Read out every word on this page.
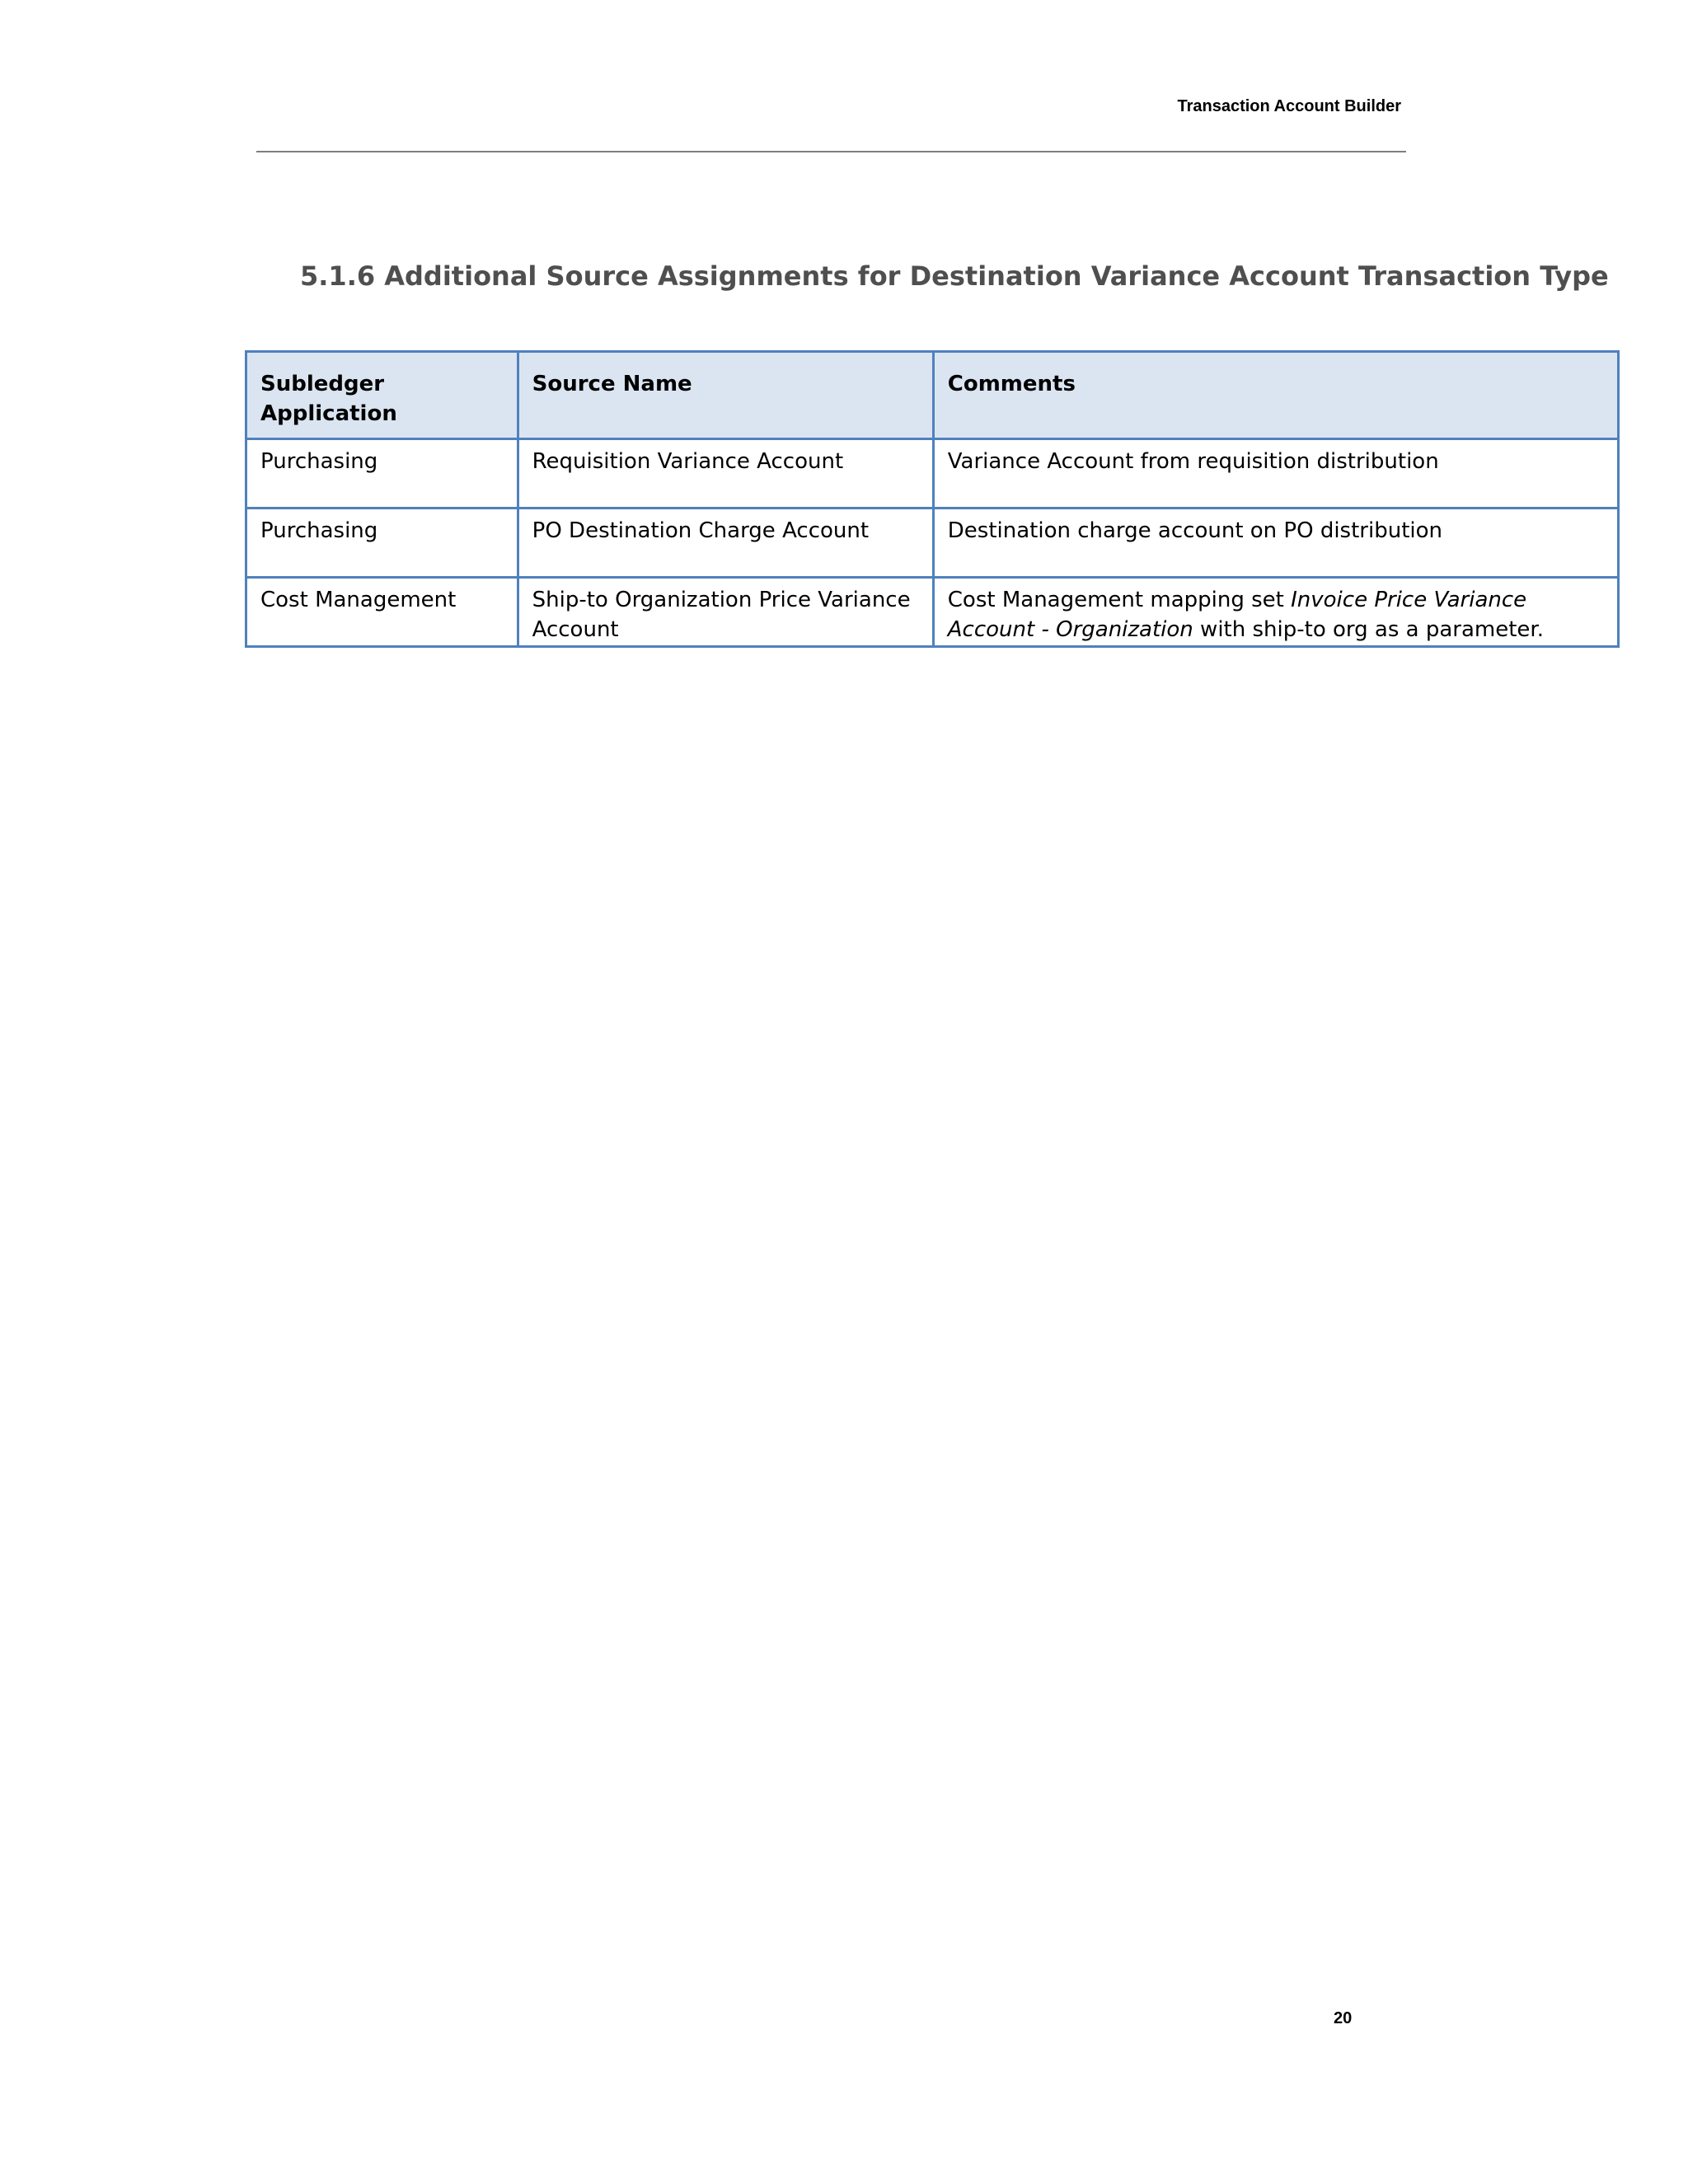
Transaction Account Builder
5.1.6 Additional Source Assignments for Destination Variance Account Transaction Type
Subledger Application	Source Name	Comments
Purchasing	Requisition Variance Account	Variance Account from requisition distribution
Purchasing	PO Destination Charge Account	Destination charge account on PO distribution
Cost Management	Ship-to Organization Price Variance Account	Cost Management mapping set Invoice Price Variance Account - Organization with ship-to org as a parameter.
20
